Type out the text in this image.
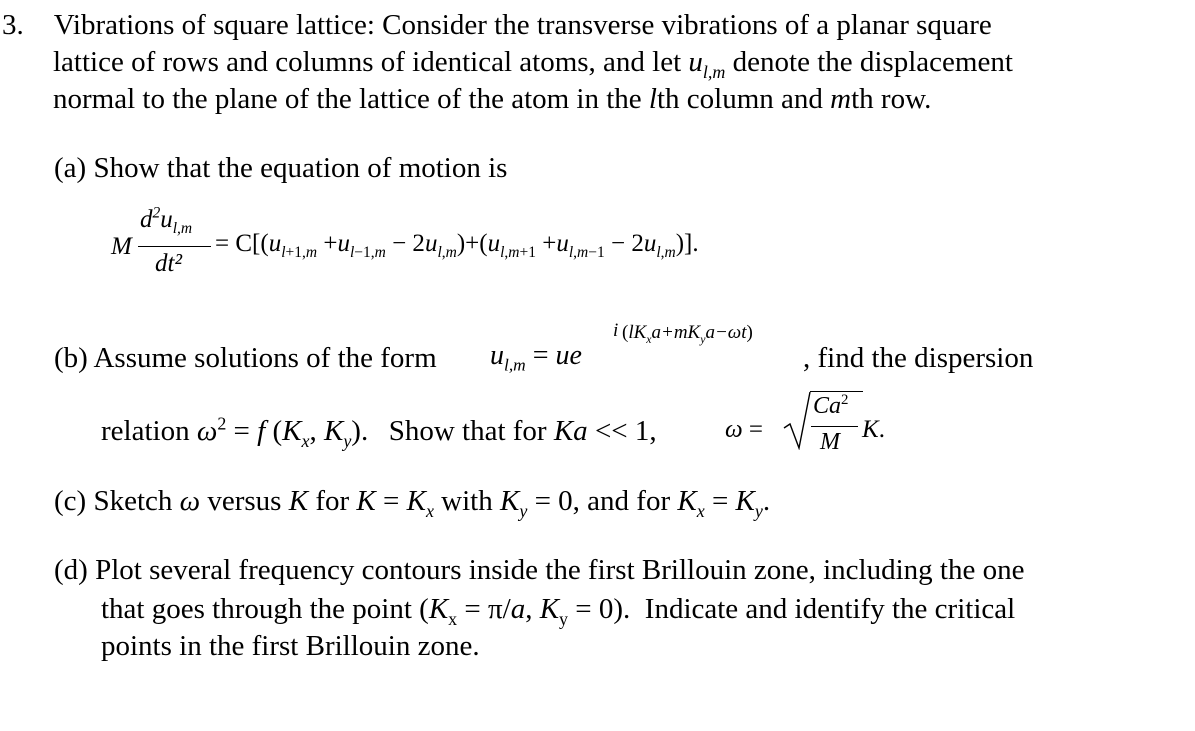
3. Vibrations of square lattice: Consider the transverse vibrations of a planar square
lattice of rows and columns of identical atoms, and let $u_{l,m}$ denote the displacement
normal to the plane of the lattice of the atom in the lth column and mth row.
(a) Show that the equation of motion is
M
$d^2u_{l,m}$
dt²
= $C[(u_{l+1,m} +u_{l-1,m} - 2u_{l,m})+(u_{l,m+1} +u_{l,m-1} - 2u_{l,m})]$.
(b) Assume solutions of the form $u_{l,m}$ = ue
$(lK_xa+mK_ya-\omega t)$
i
, find the dispersion
relation $\omega^2 = f$ ($K_x$, $K_y$). Show that for Ka << 1,	ω =
$Ca^2$
M K.
(c) Sketch ω versus K for $K = K_x$ with $K_y = 0$, and for $K_x = K_y$.
(d) Plot several frequency contours inside the first Brillouin zone, including the one
that goes through the point ($K_x = \pi/a$, $K_y = 0$).  Indicate and identify the critical
points in the first Brillouin zone.
